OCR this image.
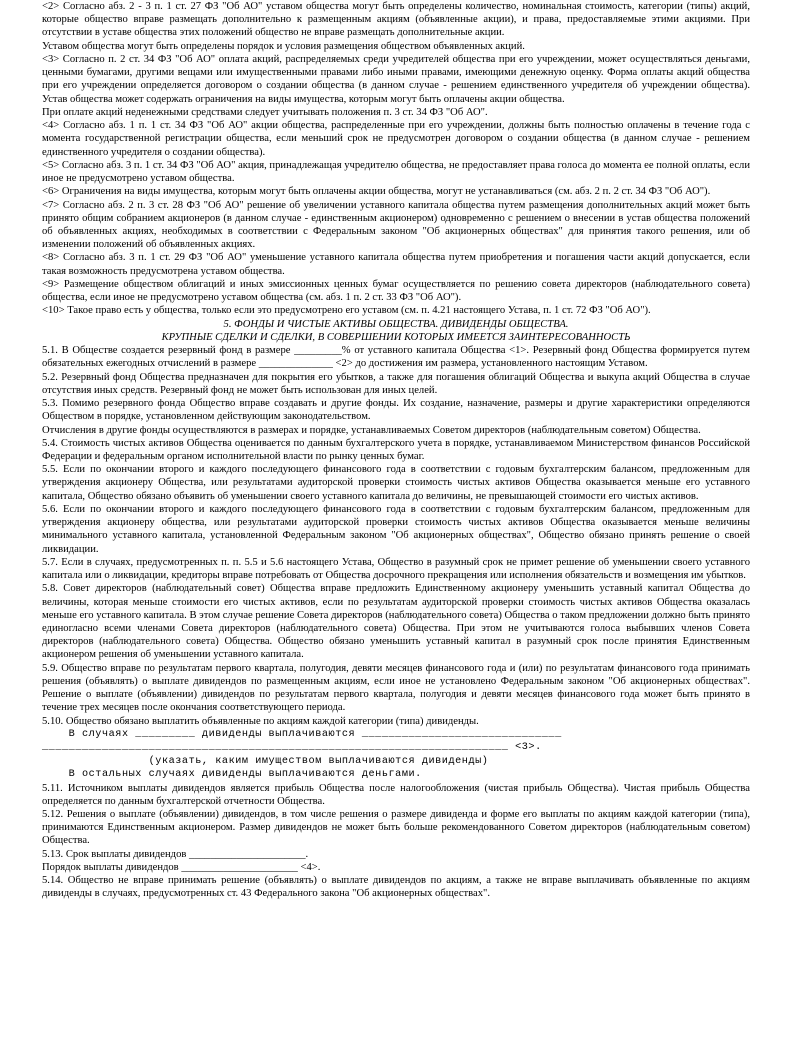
<2> Согласно абз. 2 - 3 п. 1 ст. 27 ФЗ "Об АО" уставом общества могут быть определены количество, номинальная стоимость, категории (типы) акций, которые общество вправе размещать дополнительно к размещенным акциям (объявленные акции), и права, предоставляемые этими акциями. При отсутствии в уставе общества этих положений общество не вправе размещать дополнительные акции.

Уставом общества могут быть определены порядок и условия размещения обществом объявленных акций.

<3> Согласно п. 2 ст. 34 ФЗ "Об АО" оплата акций, распределяемых среди учредителей общества при его учреждении, может осуществляться деньгами, ценными бумагами, другими вещами или имущественными правами либо иными правами, имеющими денежную оценку. Форма оплаты акций общества при его учреждении определяется договором о создании общества (в данном случае - решением единственного учредителя об учреждении общества). Устав общества может содержать ограничения на виды имущества, которым могут быть оплачены акции общества.

При оплате акций неденежными средствами следует учитывать положения п. 3 ст. 34 ФЗ "Об АО".

<4> Согласно абз. 1 п. 1 ст. 34 ФЗ "Об АО" акции общества, распределенные при его учреждении, должны быть полностью оплачены в течение года с момента государственной регистрации общества, если меньший срок не предусмотрен договором о создании общества (в данном случае - решением единственного учредителя о создании общества).

<5> Согласно абз. 3 п. 1 ст. 34 ФЗ "Об АО" акция, принадлежащая учредителю общества, не предоставляет права голоса до момента ее полной оплаты, если иное не предусмотрено уставом общества.

<6> Ограничения на виды имущества, которым могут быть оплачены акции общества, могут не устанавливаться (см. абз. 2 п. 2 ст. 34 ФЗ "Об АО").

<7> Согласно абз. 2 п. 3 ст. 28 ФЗ "Об АО" решение об увеличении уставного капитала общества путем размещения дополнительных акций может быть принято общим собранием акционеров (в данном случае - единственным акционером) одновременно с решением о внесении в устав общества положений об объявленных акциях, необходимых в соответствии с Федеральным законом "Об акционерных обществах" для принятия такого решения, или об изменении положений об объявленных акциях.

<8> Согласно абз. 3 п. 1 ст. 29 ФЗ "Об АО" уменьшение уставного капитала общества путем приобретения и погашения части акций допускается, если такая возможность предусмотрена уставом общества.

<9> Размещение обществом облигаций и иных эмиссионных ценных бумаг осуществляется по решению совета директоров (наблюдательного совета) общества, если иное не предусмотрено уставом общества (см. абз. 1 п. 2 ст. 33 ФЗ "Об АО").

<10> Такое право есть у общества, только если это предусмотрено его уставом (см. п. 4.21 настоящего Устава, п. 1 ст. 72 ФЗ "Об АО").

5. ФОНДЫ И ЧИСТЫЕ АКТИВЫ ОБЩЕСТВА. ДИВИДЕНДЫ ОБЩЕСТВА.

КРУПНЫЕ СДЕЛКИ И СДЕЛКИ, В СОВЕРШЕНИИ КОТОРЫХ ИМЕЕТСЯ ЗАИНТЕРЕСОВАННОСТЬ

5.1. В Обществе создается резервный фонд в размере _________% от уставного капитала Общества <1>. Резервный фонд Общества формируется путем обязательных ежегодных отчислений в размере ______________ <2> до достижения им размера, установленного настоящим Уставом.

5.2. Резервный фонд Общества предназначен для покрытия его убытков, а также для погашения облигаций Общества и выкупа акций Общества в случае отсутствия иных средств. Резервный фонд не может быть использован для иных целей.

5.3. Помимо резервного фонда Общество вправе создавать и другие фонды. Их создание, назначение, размеры и другие характеристики определяются Обществом в порядке, установленном действующим законодательством.

Отчисления в другие фонды осуществляются в размерах и порядке, устанавливаемых Советом директоров (наблюдательным советом) Общества.

5.4. Стоимость чистых активов Общества оценивается по данным бухгалтерского учета в порядке, устанавливаемом Министерством финансов Российской Федерации и федеральным органом исполнительной власти по рынку ценных бумаг.

5.5. Если по окончании второго и каждого последующего финансового года в соответствии с годовым бухгалтерским балансом, предложенным для утверждения акционеру Общества, или результатами аудиторской проверки стоимость чистых активов Общества оказывается меньше его уставного капитала, Общество обязано объявить об уменьшении своего уставного капитала до величины, не превышающей стоимости его чистых активов.

5.6. Если по окончании второго и каждого последующего финансового года в соответствии с годовым бухгалтерским балансом, предложенным для утверждения акционеру общества, или результатами аудиторской проверки стоимость чистых активов Общества оказывается меньше величины минимального уставного капитала, установленной Федеральным законом "Об акционерных обществах", Общество обязано принять решение о своей ликвидации.

5.7. Если в случаях, предусмотренных п. п. 5.5 и 5.6 настоящего Устава, Общество в разумный срок не примет решение об уменьшении своего уставного капитала или о ликвидации, кредиторы вправе потребовать от Общества досрочного прекращения или исполнения обязательств и возмещения им убытков.

5.8. Совет директоров (наблюдательный совет) Общества вправе предложить Единственному акционеру уменьшить уставный капитал Общества до величины, которая меньше стоимости его чистых активов, если по результатам аудиторской проверки стоимость чистых активов Общества оказалась меньше его уставного капитала. В этом случае решение Совета директоров (наблюдательного совета) Общества о таком предложении должно быть принято единогласно всеми членами Совета директоров (наблюдательного совета) Общества. При этом не учитываются голоса выбывших членов Совета директоров (наблюдательного совета) Общества. Общество обязано уменьшить уставный капитал в разумный срок после принятия Единственным акционером решения об уменьшении уставного капитала.

5.9. Общество вправе по результатам первого квартала, полугодия, девяти месяцев финансового года и (или) по результатам финансового года принимать решения (объявлять) о выплате дивидендов по размещенным акциям, если иное не установлено Федеральным законом "Об акционерных обществах". Решение о выплате (объявлении) дивидендов по результатам первого квартала, полугодия и девяти месяцев финансового года может быть принято в течение трех месяцев после окончания соответствующего периода.

5.10. Общество обязано выплатить объявленные по акциям каждой категории (типа) дивиденды.

В случаях _________ дивиденды выплачиваются ______________________________

______________________________________________________________________ <3>.

(указать, каким имуществом выплачиваются дивиденды)

В остальных случаях дивиденды выплачиваются деньгами.

5.11. Источником выплаты дивидендов является прибыль Общества после налогообложения (чистая прибыль Общества). Чистая прибыль Общества определяется по данным бухгалтерской отчетности Общества.

5.12. Решения о выплате (объявлении) дивидендов, в том числе решения о размере дивиденда и форме его выплаты по акциям каждой категории (типа), принимаются Единственным акционером. Размер дивидендов не может быть больше рекомендованного Советом директоров (наблюдательным советом) Общества.

5.13. Срок выплаты дивидендов ______________________.

Порядок выплаты дивидендов ______________________ <4>.

5.14. Общество не вправе принимать решение (объявлять) о выплате дивидендов по акциям, а также не вправе выплачивать объявленные по акциям дивиденды в случаях, предусмотренных ст. 43 Федерального закона "Об акционерных обществах".
